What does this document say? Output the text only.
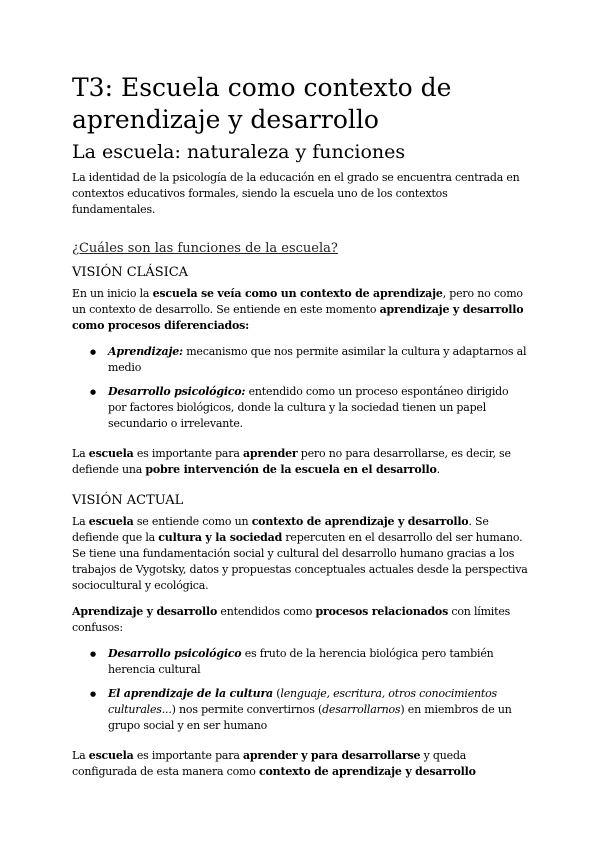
T3: Escuela como contexto de aprendizaje y desarrollo
La escuela: naturaleza y funciones

La identidad de la psicología de la educación en el grado se encuentra centrada en contextos educativos formales, siendo la escuela uno de los contextos fundamentales.

¿Cuáles son las funciones de la escuela?
VISIÓN CLÁSICA

En un inicio la escuela se veía como un contexto de aprendizaje, pero no como un contexto de desarrollo. Se entiende en este momento aprendizaje y desarrollo como procesos diferenciados:

● Aprendizaje: mecanismo que nos permite asimilar la cultura y adaptarnos al medio
● Desarrollo psicológico: entendido como un proceso espontáneo dirigido por factores biológicos, donde la cultura y la sociedad tienen un papel secundario o irrelevante.

La escuela es importante para aprender pero no para desarrollarse, es decir, se defiende una pobre intervención de la escuela en el desarrollo.

VISIÓN ACTUAL

La escuela se entiende como un contexto de aprendizaje y desarrollo. Se defiende que la cultura y la sociedad repercuten en el desarrollo del ser humano. Se tiene una fundamentación social y cultural del desarrollo humano gracias a los trabajos de Vygotsky, datos y propuestas conceptuales actuales desde la perspectiva sociocultural y ecológica.

Aprendizaje y desarrollo entendidos como procesos relacionados con límites confusos:

● Desarrollo psicológico es fruto de la herencia biológica pero también herencia cultural
● El aprendizaje de la cultura (lenguaje, escritura, otros conocimientos culturales...) nos permite convertirnos (desarrollarnos) en miembros de un grupo social y en ser humano

La escuela es importante para aprender y para desarrollarse y queda configurada de esta manera como contexto de aprendizaje y desarrollo
